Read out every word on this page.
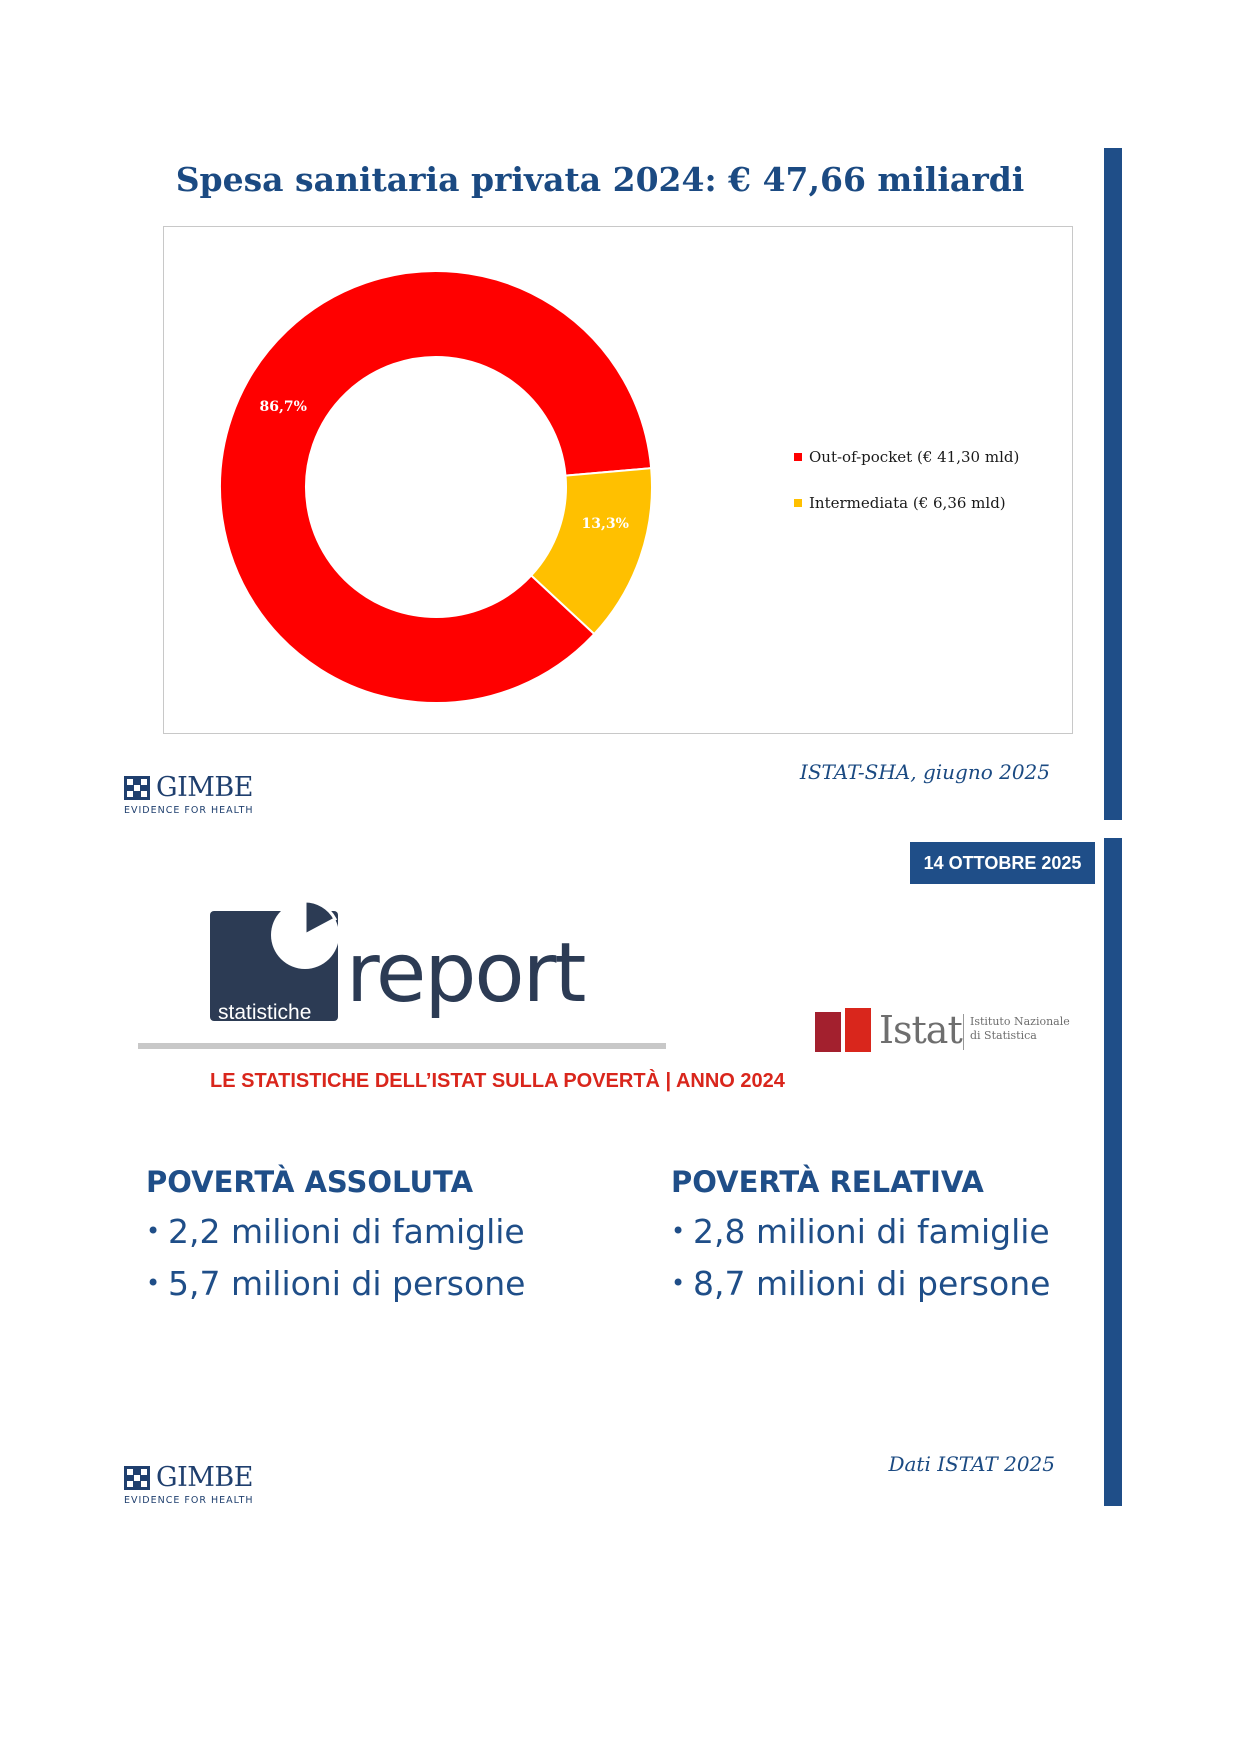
Spesa sanitaria privata 2024: € 47,66 miliardi
86,7%
13,3%
Out-of-pocket (€ 41,30 mld)
Intermediata (€ 6,36 mld)
ISTAT-SHA, giugno 2025
GIMBE
EVIDENCE FOR HEALTH
14 OTTOBRE 2025
statistiche report
Istat Istituto Nazionale
di Statistica
LE STATISTICHE DELL’ISTAT SULLA POVERTÀ | ANNO 2024
POVERTÀ ASSOLUTA
• 2,2 milioni di famiglie
• 5,7 milioni di persone
POVERTÀ RELATIVA
• 2,8 milioni di famiglie
• 8,7 milioni di persone
Dati ISTAT 2025
GIMBE
EVIDENCE FOR HEALTH
